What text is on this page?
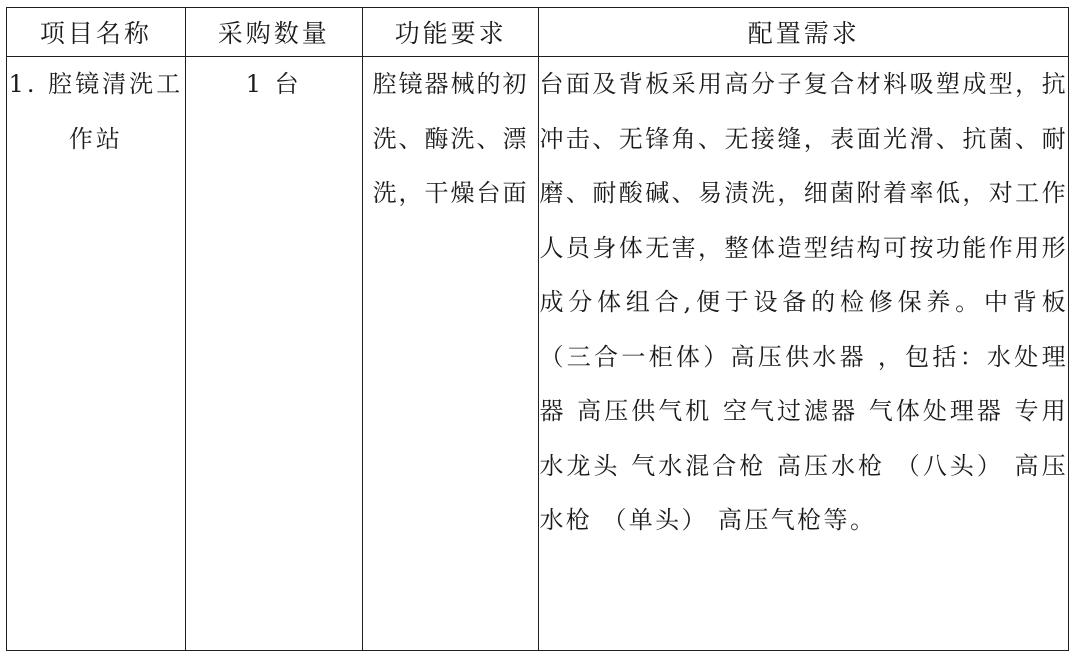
项目名称	采购数量	功能要求	配置需求
1. 腔镜清洗工作站	1 台	腔镜器械的初洗、酶洗、漂洗，干燥台面	台面及背板采用高分子复合材料吸塑成型，抗冲击、无锋角、无接缝，表面光滑、抗菌、耐磨、耐酸碱、易渍洗，细菌附着率低，对工作人员身体无害，整体造型结构可按功能作用形成分体组合,便于设备的检修保养。中背板（三合一柜体）高压供水器 ，包括：水处理器 高压供气机 空气过滤器 气体处理器 专用水龙头 气水混合枪 高压水枪 （八头） 高压水枪 （单头） 高压气枪等。
